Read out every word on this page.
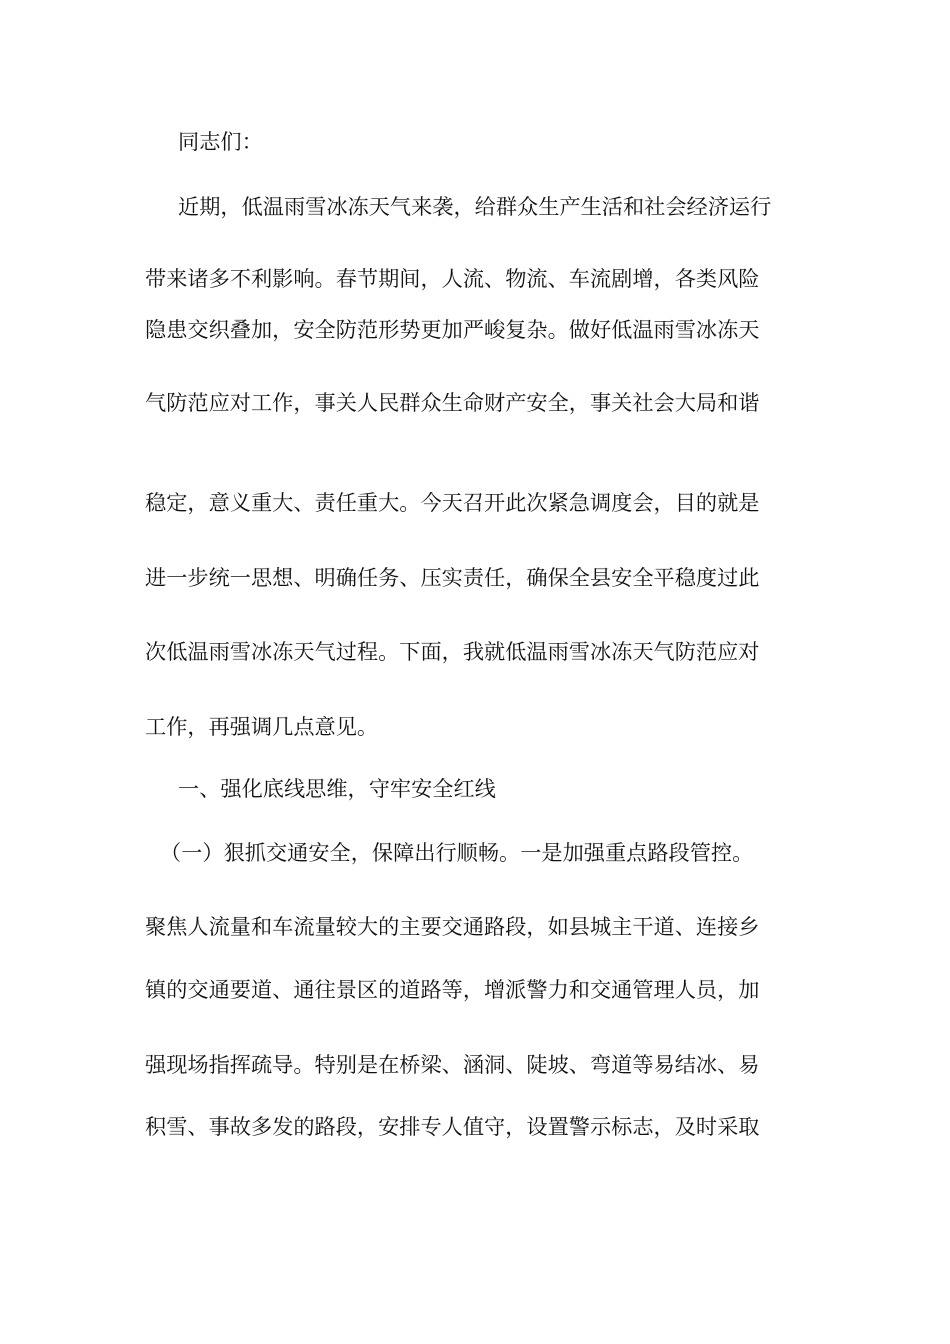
同志们：
近期，低温雨雪冰冻天气来袭，给群众生产生活和社会经济运行
带来诸多不利影响。春节期间，人流、物流、车流剧增，各类风险
隐患交织叠加，安全防范形势更加严峻复杂。做好低温雨雪冰冻天
气防范应对工作，事关人民群众生命财产安全，事关社会大局和谐
稳定，意义重大、责任重大。今天召开此次紧急调度会，目的就是
进一步统一思想、明确任务、压实责任，确保全县安全平稳度过此
次低温雨雪冰冻天气过程。下面，我就低温雨雪冰冻天气防范应对
工作，再强调几点意见。
一、强化底线思维，守牢安全红线
（一）狠抓交通安全，保障出行顺畅。一是加强重点路段管控。
聚焦人流量和车流量较大的主要交通路段，如县城主干道、连接乡
镇的交通要道、通往景区的道路等，增派警力和交通管理人员，加
强现场指挥疏导。特别是在桥梁、涵洞、陡坡、弯道等易结冰、易
积雪、事故多发的路段，安排专人值守，设置警示标志，及时采取
